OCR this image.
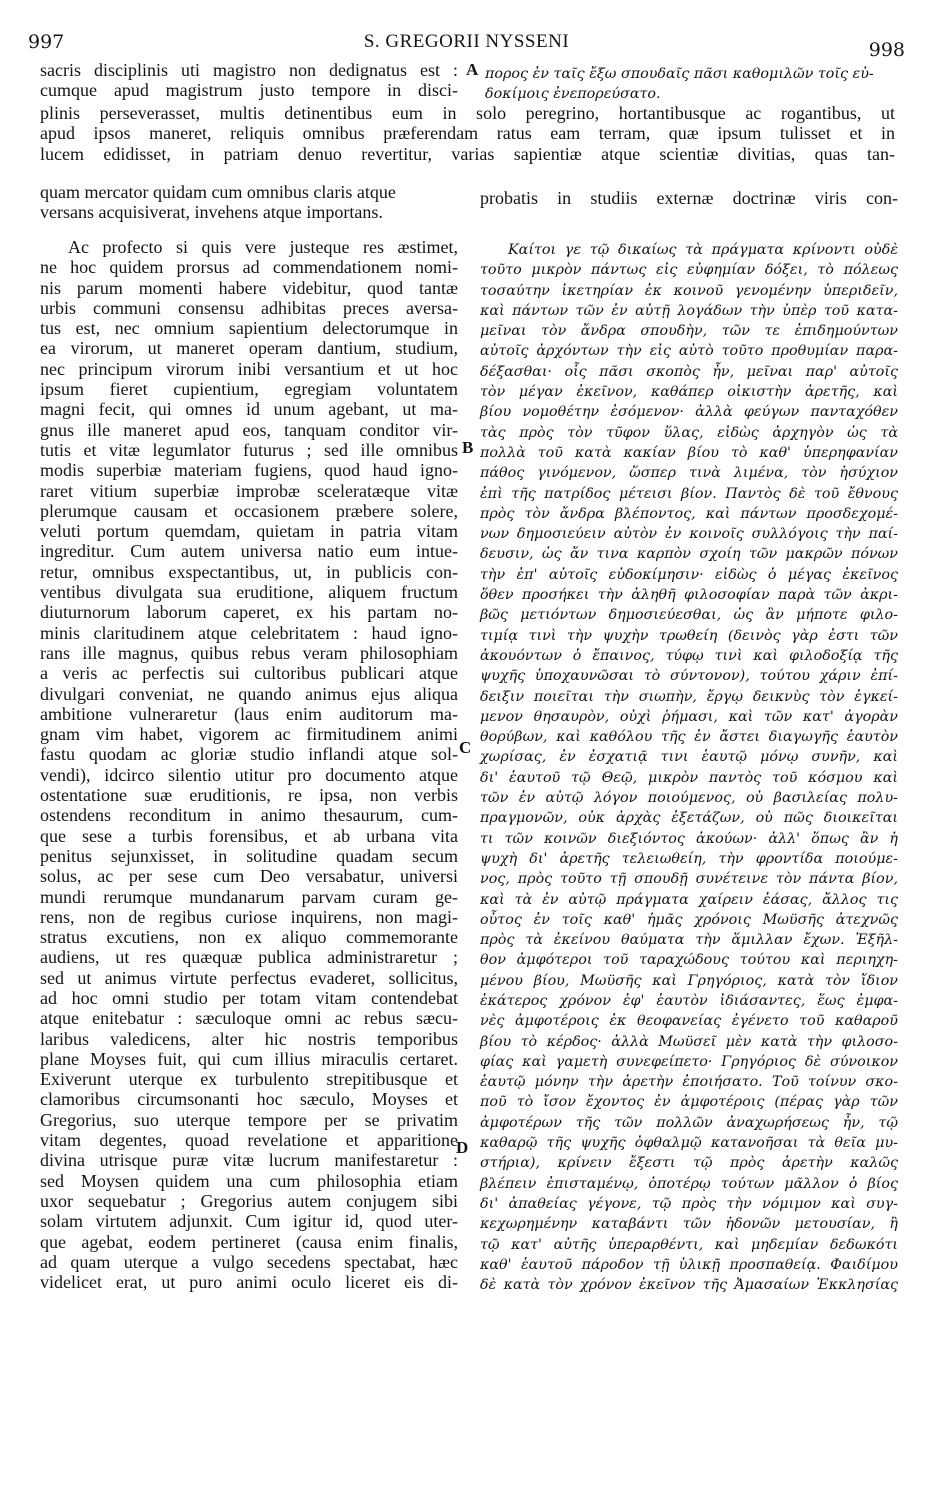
997	S. GREGORII NYSSENI	998
A
B
C
D
sacris disciplinis uti magistro non dedignatus est :
cumque apud magistrum justo tempore in disci-
πορος ἐν ταῖς ἔξω σπουδαῖς πᾶσι καθομιλῶν τοῖς εὐ-
δοκίμοις ἐνεπορεύσατο.
plinis perseverasset, multis detinentibus eum in solo peregrino, hortantibusque ac rogantibus, ut
apud ipsos maneret, reliquis omnibus præferendam ratus eam terram, quæ ipsum tulisset et in
lucem edidisset, in patriam denuo revertitur, varias sapientiæ atque scientiæ divitias, quas tan-
quam mercator quidam cum omnibus claris atque
versans acquisiverat, invehens atque importans.
probatis in studiis externæ doctrinæ viris con-
Ac profecto si quis vere justeque res æstimet,
ne hoc quidem prorsus ad commendationem nomi-
nis parum momenti habere videbitur, quod tantæ
urbis communi consensu adhibitas preces aversa-
tus est, nec omnium sapientium delectorumque in
ea virorum, ut maneret operam dantium, studium,
nec principum virorum inibi versantium et ut hoc
ipsum fieret cupientium, egregiam voluntatem
magni fecit, qui omnes id unum agebant, ut ma-
gnus ille maneret apud eos, tanquam conditor vir-
tutis et vitæ legumlator futurus ; sed ille omnibus
modis superbiæ materiam fugiens, quod haud igno-
raret vitium superbiæ improbæ sceleratæque vitæ
plerumque causam et occasionem præbere solere,
veluti portum quemdam, quietam in patria vitam
ingreditur. Cum autem universa natio eum intue-
retur, omnibus exspectantibus, ut, in publicis con-
ventibus divulgata sua eruditione, aliquem fructum
diuturnorum laborum caperet, ex his partam no-
minis claritudinem atque celebritatem : haud igno-
rans ille magnus, quibus rebus veram philosophiam
a veris ac perfectis sui cultoribus publicari atque
divulgari conveniat, ne quando animus ejus aliqua
ambitione vulneraretur (laus enim auditorum ma-
gnam vim habet, vigorem ac firmitudinem animi
fastu quodam ac gloriæ studio inflandi atque sol-
vendi), idcirco silentio utitur pro documento atque
ostentatione suæ eruditionis, re ipsa, non verbis
ostendens reconditum in animo thesaurum, cum-
que sese a turbis forensibus, et ab urbana vita
penitus sejunxisset, in solitudine quadam secum
solus, ac per sese cum Deo versabatur, universi
mundi rerumque mundanarum parvam curam ge-
rens, non de regibus curiose inquirens, non magi-
stratus excutiens, non ex aliquo commemorante
audiens, ut res quæquæ publica administraretur ;
sed ut animus virtute perfectus evaderet, sollicitus,
ad hoc omni studio per totam vitam contendebat
atque enitebatur : sæculoque omni ac rebus sæcu-
laribus valedicens, alter hic nostris temporibus
plane Moyses fuit, qui cum illius miraculis certaret.
Exiverunt uterque ex turbulento strepitibusque et
clamoribus circumsonanti hoc sæculo, Moyses et
Gregorius, suo uterque tempore per se privatim
vitam degentes, quoad revelatione et apparitione
divina utrisque puræ vitæ lucrum manifestaretur :
sed Moysen quidem una cum philosophia etiam
uxor sequebatur ; Gregorius autem conjugem sibi
solam virtutem adjunxit. Cum igitur id, quod uter-
que agebat, eodem pertineret (causa enim finalis,
ad quam uterque a vulgo secedens spectabat, hæc
videlicet erat, ut puro animi oculo liceret eis di-
Καίτοι γε τῷ δικαίως τὰ πράγματα κρίνοντι οὐδὲ
τοῦτο μικρὸν πάντως εἰς εὐφημίαν δόξει, τὸ πόλεως
τοσαύτην ἱκετηρίαν ἐκ κοινοῦ γενομένην ὑπεριδεῖν,
καὶ πάντων τῶν ἐν αὐτῇ λογάδων τὴν ὑπὲρ τοῦ κατα-
μεῖναι τὸν ἄνδρα σπουδὴν, τῶν τε ἐπιδημούντων
αὐτοῖς ἀρχόντων τὴν εἰς αὐτὸ τοῦτο προθυμίαν παρα-
δέξασθαι· οἷς πᾶσι σκοπὸς ἦν, μεῖναι παρ' αὐτοῖς
τὸν μέγαν ἐκεῖνον, καθάπερ οἰκιστὴν ἀρετῆς, καὶ
βίου νομοθέτην ἐσόμενον· ἀλλὰ φεύγων πανταχόθεν
τὰς πρὸς τὸν τῦφον ὕλας, εἰδὼς ἀρχηγὸν ὡς τὰ
πολλὰ τοῦ κατὰ κακίαν βίου τὸ καθ' ὑπερηφανίαν
πάθος γινόμενον, ὥσπερ τινὰ λιμένα, τὸν ἡσύχιον
ἐπὶ τῆς πατρίδος μέτεισι βίον. Παντὸς δὲ τοῦ ἔθνους
πρὸς τὸν ἄνδρα βλέποντος, καὶ πάντων προσδεχομέ-
νων δημοσιεύειν αὐτὸν ἐν κοινοῖς συλλόγοις τὴν παί-
δευσιν, ὡς ἄν τινα καρπὸν σχοίη τῶν μακρῶν πόνων
τὴν ἐπ' αὐτοῖς εὐδοκίμησιν· εἰδὼς ὁ μέγας ἐκεῖνος
ὅθεν προσήκει τὴν ἀληθῆ φιλοσοφίαν παρὰ τῶν ἀκρι-
βῶς μετιόντων δημοσιεύεσθαι, ὡς ἂν μήποτε φιλο-
τιμίᾳ τινὶ τὴν ψυχὴν τρωθείη (δεινὸς γὰρ ἐστι τῶν
ἀκουόντων ὁ ἔπαινος, τύφῳ τινὶ καὶ φιλοδοξίᾳ τῆς
ψυχῆς ὑποχαυνῶσαι τὸ σύντονον), τούτου χάριν ἐπί-
δειξιν ποιεῖται τὴν σιωπὴν, ἔργῳ δεικνὺς τὸν ἐγκεί-
μενον θησαυρὸν, οὐχὶ ῥήμασι, καὶ τῶν κατ' ἀγορὰν
θορύβων, καὶ καθόλου τῆς ἐν ἄστει διαγωγῆς ἑαυτὸν
χωρίσας, ἐν ἐσχατιᾷ τινι ἑαυτῷ μόνῳ συνῆν, καὶ
δι' ἑαυτοῦ τῷ Θεῷ, μικρὸν παντὸς τοῦ κόσμου καὶ
τῶν ἐν αὐτῷ λόγον ποιούμενος, οὐ βασιλείας πολυ-
πραγμονῶν, οὐκ ἀρχὰς ἐξετάζων, οὐ πῶς διοικεῖται
τι τῶν κοινῶν διεξιόντος ἀκούων· ἀλλ' ὅπως ἂν ἡ
ψυχὴ δι' ἀρετῆς τελειωθείη, τὴν φροντίδα ποιούμε-
νος, πρὸς τοῦτο τῇ σπουδῇ συνέτεινε τὸν πάντα βίον,
καὶ τὰ ἐν αὐτῷ πράγματα χαίρειν ἐάσας, ἄλλος τις
οὗτος ἐν τοῖς καθ' ἡμᾶς χρόνοις Μωϋσῆς ἀτεχνῶς
πρὸς τὰ ἐκείνου θαύματα τὴν ἅμιλλαν ἔχων. Ἐξῆλ-
θον ἀμφότεροι τοῦ ταραχώδους τούτου καὶ περιηχη-
μένου βίου, Μωϋσῆς καὶ Γρηγόριος, κατὰ τὸν ἴδιον
ἑκάτερος χρόνον ἐφ' ἑαυτὸν ἰδιάσαντες, ἕως ἐμφα-
νὲς ἀμφοτέροις ἐκ θεοφανείας ἐγένετο τοῦ καθαροῦ
βίου τὸ κέρδος· ἀλλὰ Μωϋσεῖ μὲν κατὰ τὴν φιλοσο-
φίας καὶ γαμετὴ συνεφείπετο· Γρηγόριος δὲ σύνοικον
ἑαυτῷ μόνην τὴν ἀρετὴν ἐποιήσατο. Τοῦ τοίνυν σκο-
ποῦ τὸ ἴσον ἔχοντος ἐν ἀμφοτέροις (πέρας γὰρ τῶν
ἀμφοτέρων τῆς τῶν πολλῶν ἀναχωρήσεως ἦν, τῷ
καθαρῷ τῆς ψυχῆς ὀφθαλμῷ κατανοῆσαι τὰ θεῖα μυ-
στήρια), κρίνειν ἔξεστι τῷ πρὸς ἀρετὴν καλῶς
βλέπειν ἐπισταμένῳ, ὁποτέρῳ τούτων μᾶλλον ὁ βίος
δι' ἀπαθείας γέγονε, τῷ πρὸς τὴν νόμιμον καὶ συγ-
κεχωρημένην καταβάντι τῶν ἡδονῶν μετουσίαν, ἢ
τῷ κατ' αὐτῆς ὑπεραρθέντι, καὶ μηδεμίαν δεδωκότι
καθ' ἑαυτοῦ πάροδον τῇ ὑλικῇ προσπαθείᾳ. Φαιδίμου
δὲ κατὰ τὸν χρόνον ἐκεῖνον τῆς Ἀμασαίων Ἐκκλησίας
